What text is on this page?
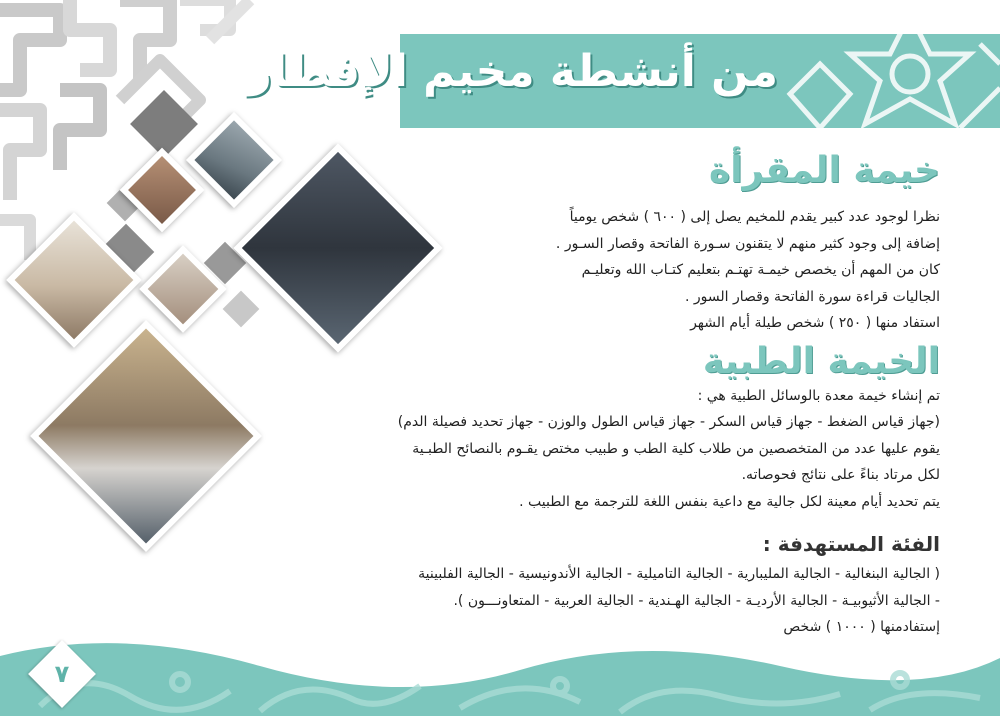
من أنشطة مخيم الإفطار
خيمة المقرأة

نظرا لوجود عدد كبير يقدم للمخيم يصل إلى ( ٦٠٠ ) شخص يومياً

إضافة إلى وجود كثير منهم لا يتقنون سـورة الفاتحة وقصار السـور .

كان من المهم أن يخصص خيمـة تهتـم بتعليم كتـاب الله وتعليـم

الجاليات قراءة سورة الفاتحة وقصار السور .

استفاد منها ( ٢٥٠ ) شخص طيلة أيام الشهر

الخيمة الطبية

تم إنشاء خيمة معدة بالوسائل الطبية هي :

(جهاز قياس الضغط - جهاز قياس السكر - جهاز قياس الطول والوزن - جهاز تحديد فصيلة الدم)

يقوم عليها عدد من المتخصصين من طلاب كلية الطب و طبيب مختص يقـوم بالنصائح الطبـية

لكل مرتاد بناءً على نتائج فحوصاته.

يتم تحديد أيام معينة لكل جالية مع داعية بنفس اللغة للترجمة مع الطبيب .

الفئة المستهدفة :

( الجالية البنغالية - الجالية المليبارية - الجالية التاميلية - الجالية الأندونيسية - الجالية الفلبينية

- الجالية الأثيوبيـة - الجالية الأرديـة - الجالية الهـندية - الجالية العربية - المتعاونـــون ).

إستفادمنها ( ١٠٠٠ ) شخص

٧
